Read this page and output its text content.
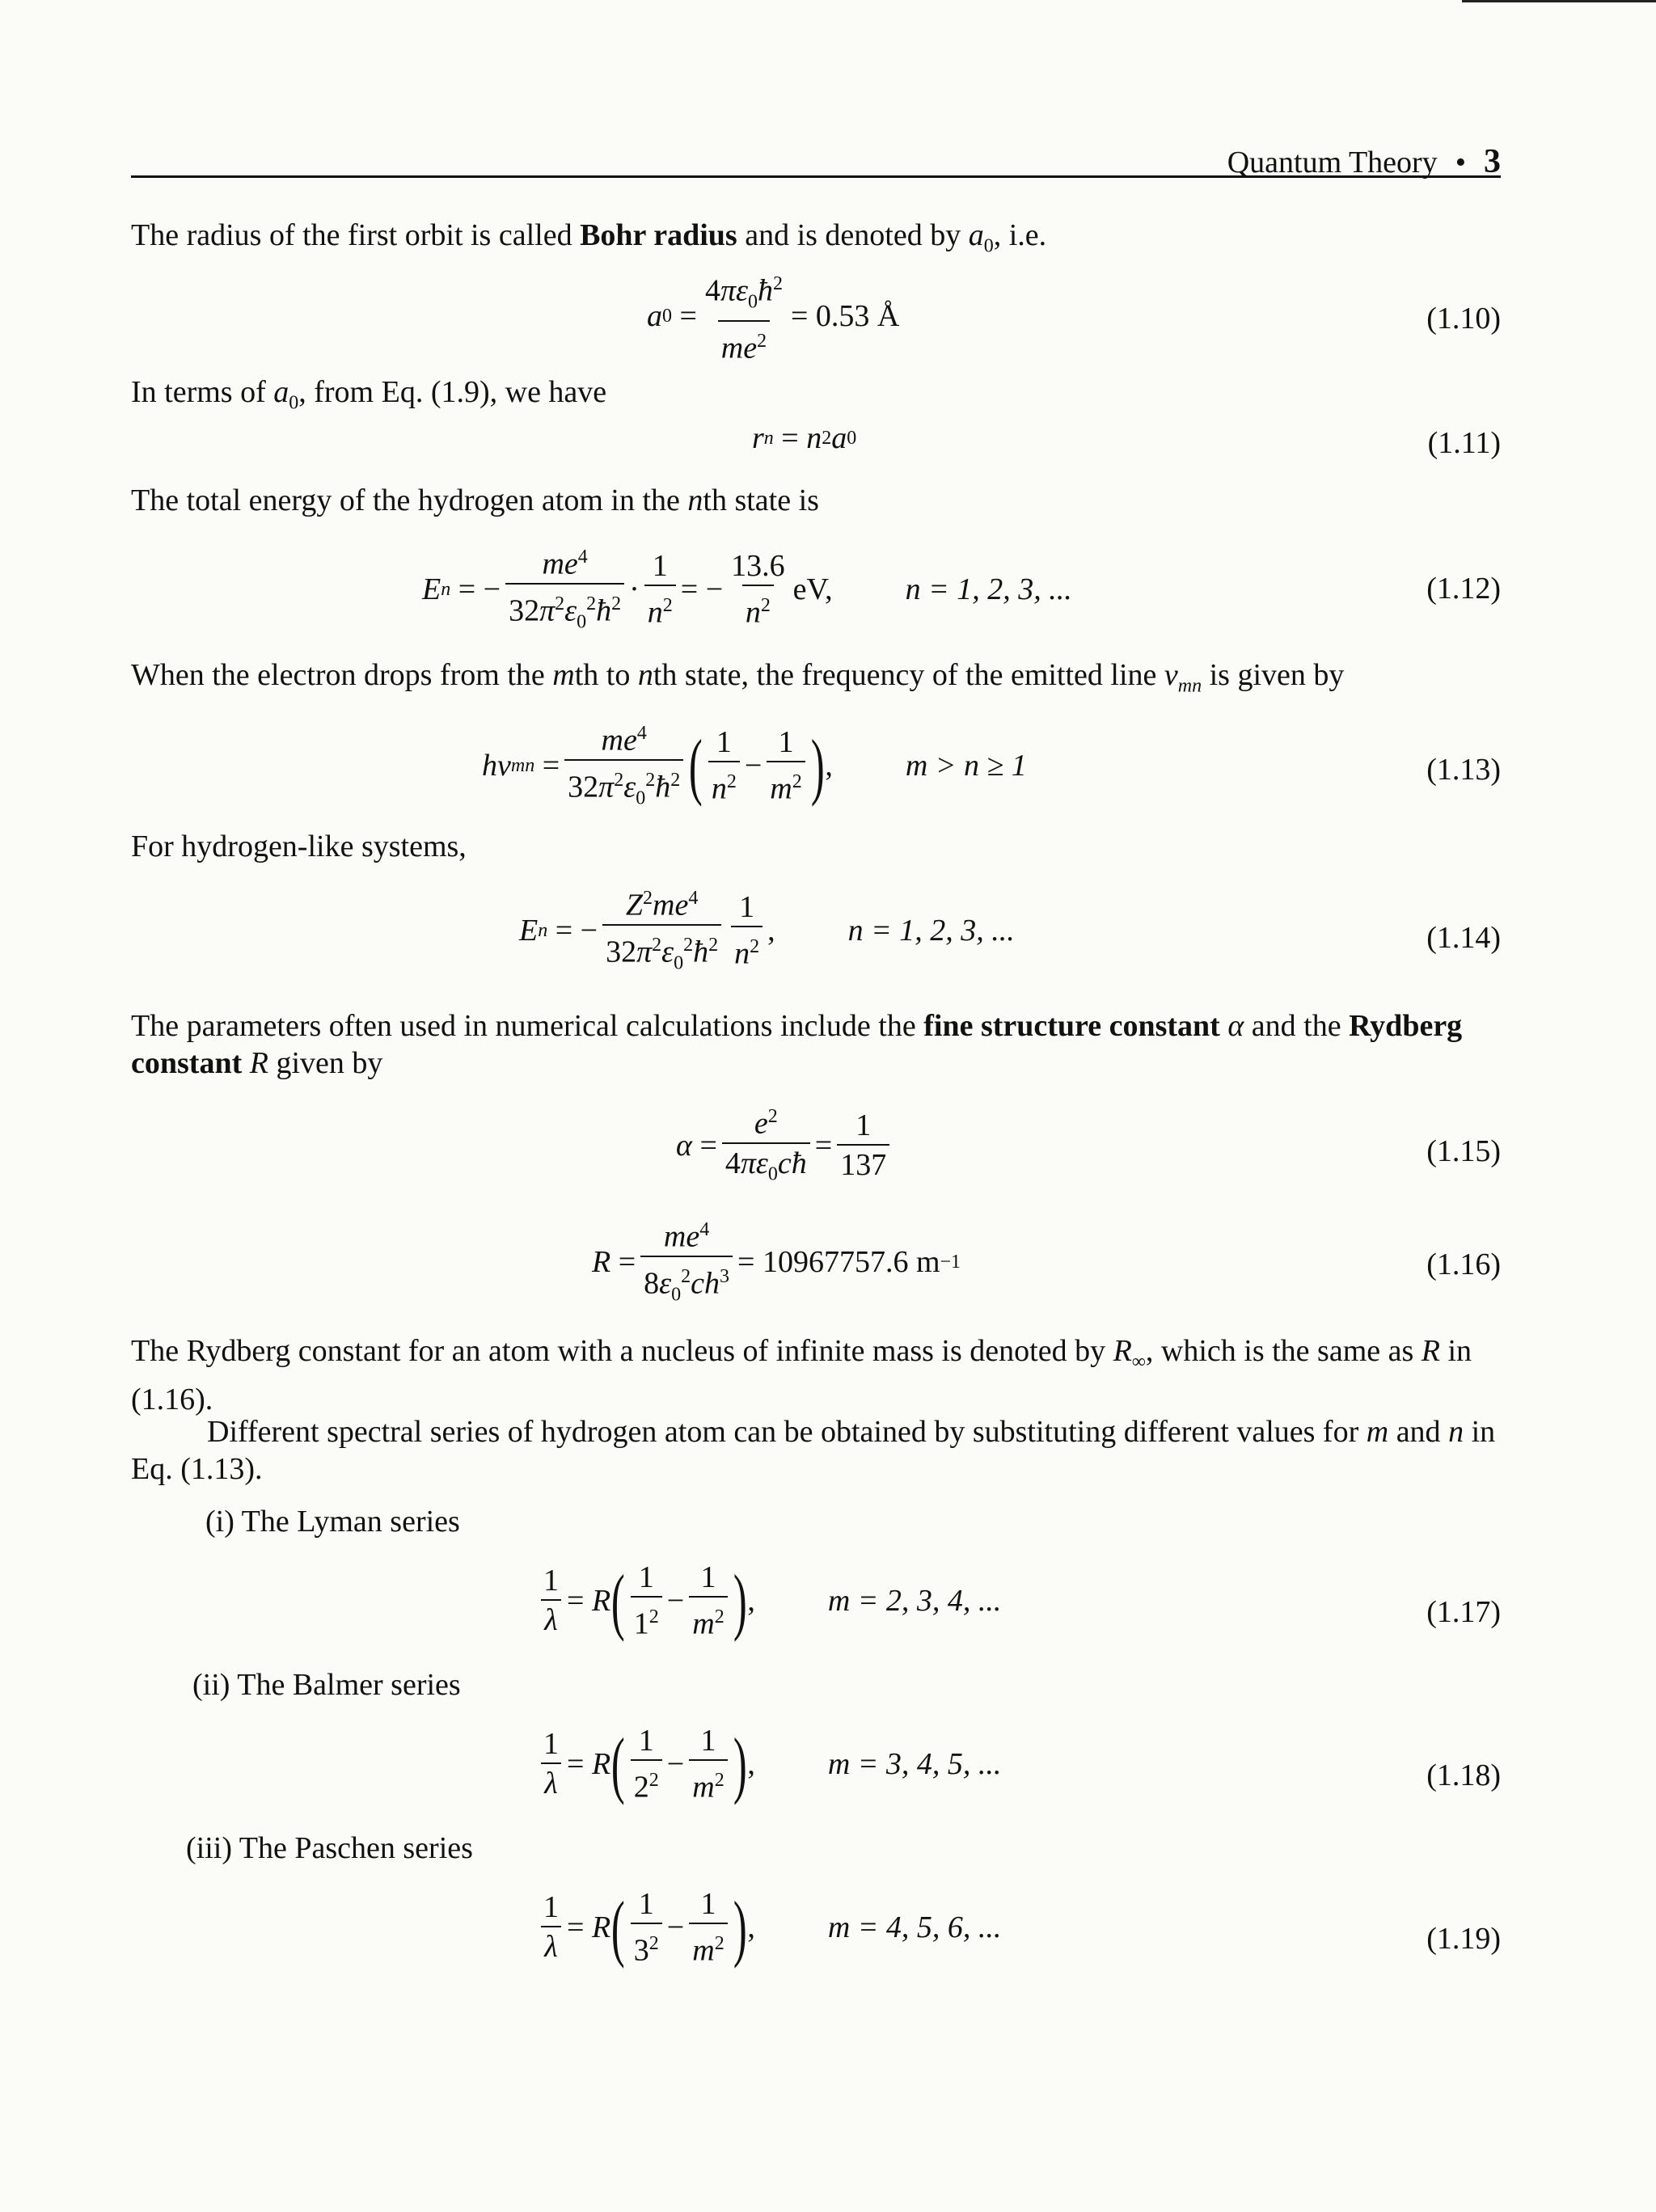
Quantum Theory • 3
The radius of the first orbit is called Bohr radius and is denoted by $a_0$, i.e.
a $0 = \frac{4\pi\varepsilon_0ħ^2}{me^2} = 0.53$ Å	(1.10)
In terms of $a_0$, from Eq. (1.9), we have
r n = n 2 a 0	(1.11)
The total energy of the hydrogen atom in the nth state is
E n = − $\frac{me^4}{32\pi^2\varepsilon_0^2ħ^2} \cdot \frac{1}{n^2}$ = − $\frac{13.6}{n^2}$ eV, n = 1, 2, 3, ...	(1.12)
When the electron drops from the mth to nth state, the frequency of the emitted line $\nu_{mn}$ is given by
hν mn = $\frac{me^4}{32\pi^2\varepsilon_0^2ħ^2}$ ( $\frac{1}{n^2} - \frac{1}{m^2}$ ) , m > n ≥ 1	(1.13)
For hydrogen-like systems,
E n = − $\frac{Z^2me^4}{32\pi^2\varepsilon_0^2ħ^2} \frac{1}{n^2}$ , n = 1, 2, 3, ...	(1.14)
The parameters often used in numerical calculations include the fine structure constant α and the Rydberg constant R given by
$\alpha = \frac{e^2}{4\pi\varepsilon_0cħ} = \frac{1}{137}$	(1.15)
$R = \frac{me^4}{8\varepsilon_0^2ch^3} = 10967757.6$ m −1	(1.16)
The Rydberg constant for an atom with a nucleus of infinite mass is denoted by $R_\infty$, which is the same as R in (1.16).
Different spectral series of hydrogen atom can be obtained by substituting different values for m and n in Eq. (1.13).
(i) The Lyman series
$\frac{1}{\lambda} = R$ ( $\frac{1}{1^2} - \frac{1}{m^2}$ ) , m = 2, 3, 4, ...	(1.17)
(ii) The Balmer series
$\frac{1}{\lambda} = R$ ( $\frac{1}{2^2} - \frac{1}{m^2}$ ) , m = 3, 4, 5, ...	(1.18)
(iii) The Paschen series
$\frac{1}{\lambda} = R$ ( $\frac{1}{3^2} - \frac{1}{m^2}$ ) , m = 4, 5, 6, ...	(1.19)
